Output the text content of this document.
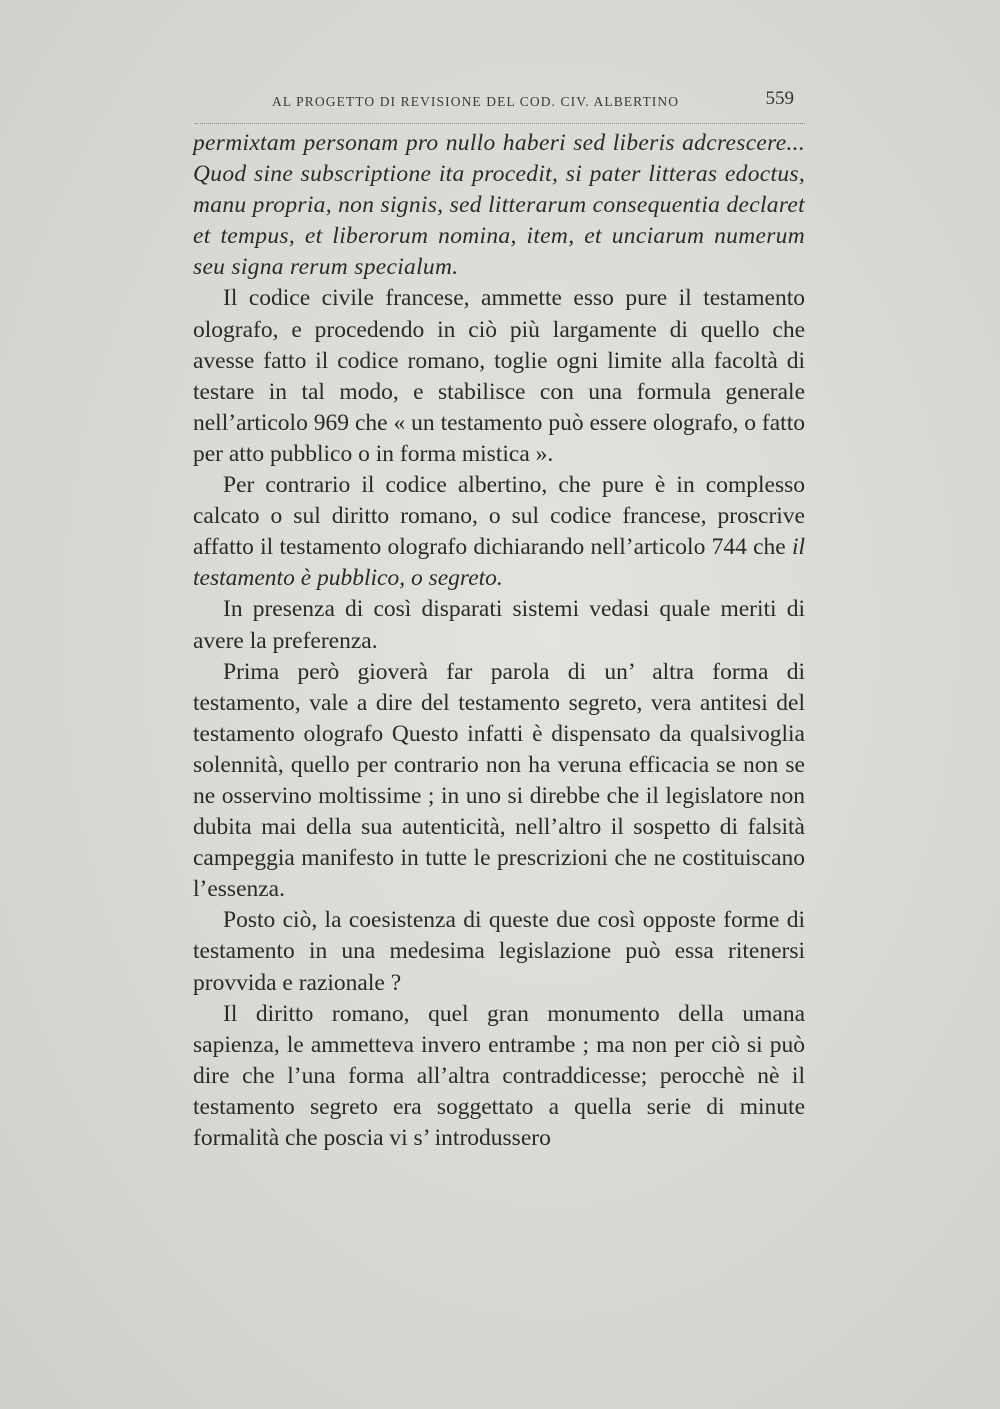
AL PROGETTO DI REVISIONE DEL COD. CIV. ALBERTINO	559

permixtam personam pro nullo haberi sed liberis adcrescere... Quod sine subscriptione ita procedit, si pater litteras edoctus, manu propria, non signis, sed litterarum consequentia declaret et tempus, et liberorum nomina, item, et unciarum numerum seu signa rerum specialum.

Il codice civile francese, ammette esso pure il testamento olografo, e procedendo in ciò più largamente di quello che avesse fatto il codice romano, toglie ogni limite alla facoltà di testare in tal modo, e stabilisce con una formula generale nell’articolo 969 che « un testamento può essere olografo, o fatto per atto pubblico o in forma mistica ».

Per contrario il codice albertino, che pure è in complesso calcato o sul diritto romano, o sul codice francese, proscrive affatto il testamento olografo dichiarando nell’articolo 744 che il testamento è pubblico, o segreto.

In presenza di così disparati sistemi vedasi quale meriti di avere la preferenza.

Prima però gioverà far parola di un’ altra forma di testamento, vale a dire del testamento segreto, vera antitesi del testamento olografo Questo infatti è dispensato da qualsivoglia solennità, quello per contrario non ha veruna efficacia se non se ne osservino moltissime ; in uno si direbbe che il legislatore non dubita mai della sua autenticità, nell’altro il sospetto di falsità campeggia manifesto in tutte le prescrizioni che ne costituiscano l’essenza.

Posto ciò, la coesistenza di queste due così opposte forme di testamento in una medesima legislazione può essa ritenersi provvida e razionale ?

Il diritto romano, quel gran monumento della umana sapienza, le ammetteva invero entrambe ; ma non per ciò si può dire che l’una forma all’altra contraddicesse; perocchè nè il testamento segreto era soggettato a quella serie di minute formalità che poscia vi s’ introdussero
